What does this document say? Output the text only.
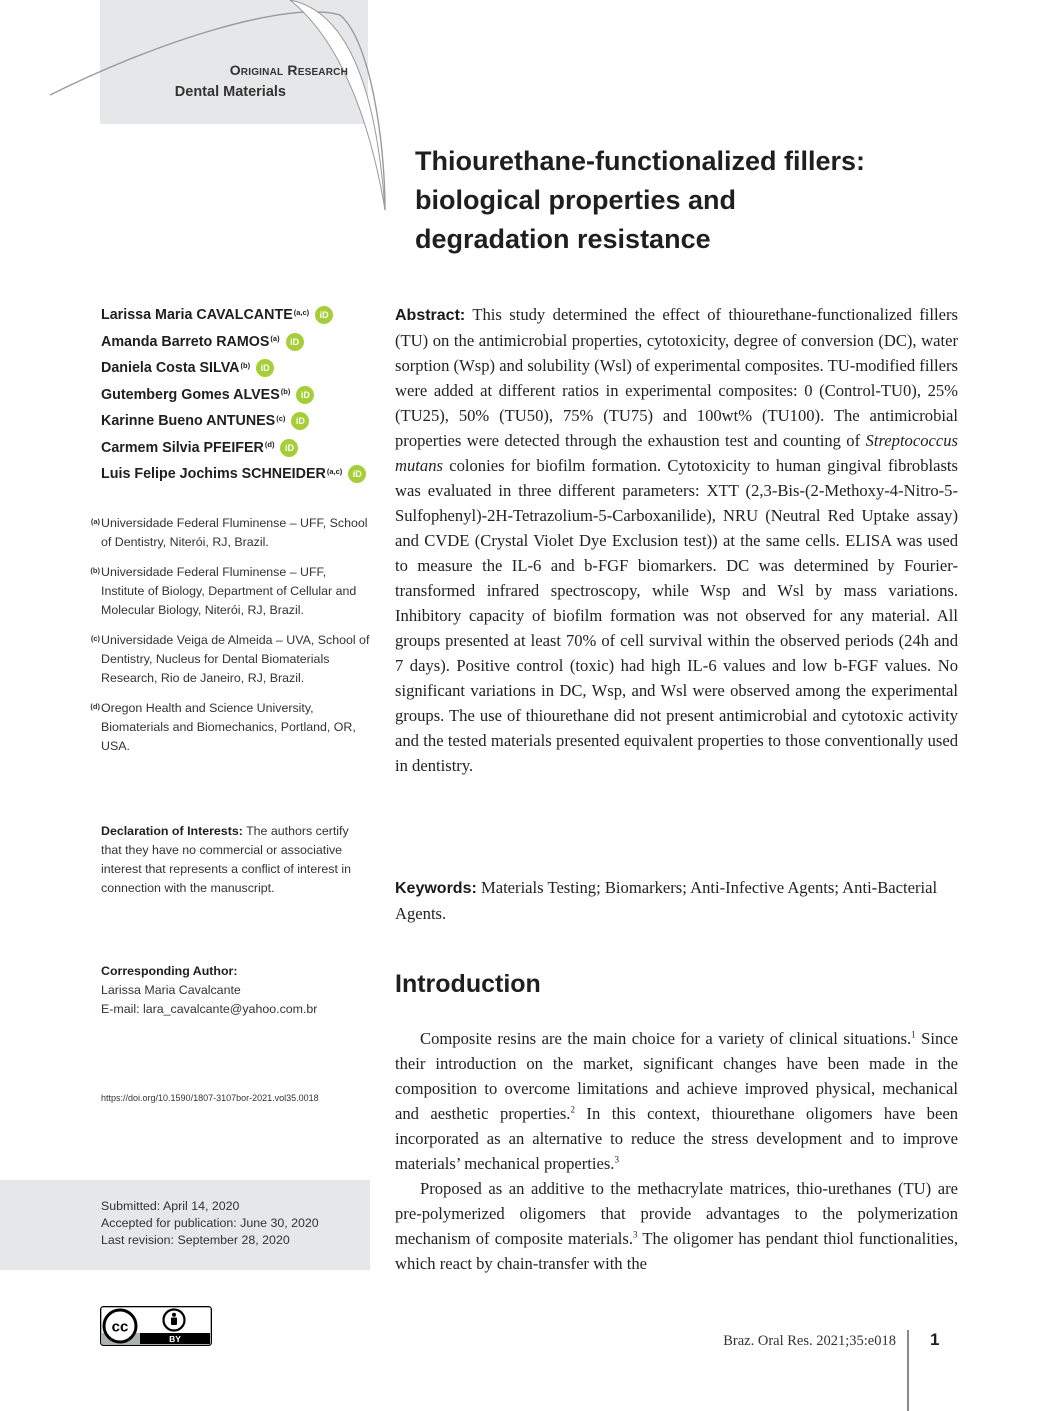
Original Research
Dental Materials
Thiourethane-functionalized fillers: biological properties and degradation resistance
Larissa Maria CAVALCANTE$^{(a,c)}$	iD
Amanda Barreto RAMOS$^{(a)}$	iD
Daniela Costa SILVA$^{(b)}$	iD
Gutemberg Gomes ALVES$^{(b)}$	iD
Karinne Bueno ANTUNES$^{(c)}$	iD
Carmem Silvia PFEIFER$^{(d)}$	iD
Luis Felipe Jochims SCHNEIDER$^{(a,c)}$	iD
(a) Universidade Federal Fluminense – UFF, School of Dentistry, Niterói, RJ, Brazil.
(b) Universidade Federal Fluminense – UFF, Institute of Biology, Department of Cellular and Molecular Biology, Niterói, RJ, Brazil.
(c) Universidade Veiga de Almeida – UVA, School of Dentistry, Nucleus for Dental Biomaterials Research, Rio de Janeiro, RJ, Brazil.
(d) Oregon Health and Science University, Biomaterials and Biomechanics, Portland, OR, USA.
Declaration of Interests: The authors certify that they have no commercial or associative interest that represents a conflict of interest in connection with the manuscript.
Corresponding Author:
Larissa Maria Cavalcante
E-mail: lara_cavalcante@yahoo.com.br
https://doi.org/10.1590/1807-3107bor-2021.vol35.0018
Submitted: April 14, 2020
Accepted for publication: June 30, 2020
Last revision: September 28, 2020
cc
BY
Abstract: This study determined the effect of thiourethane-functionalized fillers (TU) on the antimicrobial properties, cytotoxicity, degree of conversion (DC), water sorption (Wsp) and solubility (Wsl) of experimental composites. TU-modified fillers were added at different ratios in experimental composites: 0 (Control-TU0), 25% (TU25), 50% (TU50), 75% (TU75) and 100wt% (TU100). The antimicrobial properties were detected through the exhaustion test and counting of Streptococcus mutans colonies for biofilm formation. Cytotoxicity to human gingival fibroblasts was evaluated in three different parameters: XTT (2,3-Bis-(2-Methoxy-4-Nitro-5-Sulfophenyl)-2H-Tetrazolium-5-Carboxanilide), NRU (Neutral Red Uptake assay) and CVDE (Crystal Violet Dye Exclusion test)) at the same cells. ELISA was used to measure the IL-6 and b-FGF biomarkers. DC was determined by Fourier-transformed infrared spectroscopy, while Wsp and Wsl by mass variations. Inhibitory capacity of biofilm formation was not observed for any material. All groups presented at least 70% of cell survival within the observed periods (24h and 7 days). Positive control (toxic) had high IL-6 values and low b-FGF values. No significant variations in DC, Wsp, and Wsl were observed among the experimental groups. The use of thiourethane did not present antimicrobial and cytotoxic activity and the tested materials presented equivalent properties to those conventionally used in dentistry.
Keywords: Materials Testing; Biomarkers; Anti-Infective Agents; Anti-Bacterial Agents.
Introduction

Composite resins are the main choice for a variety of clinical situations.$^1$ Since their introduction on the market, significant changes have been made in the composition to overcome limitations and achieve improved physical, mechanical and aesthetic properties.$^2$ In this context, thiourethane oligomers have been incorporated as an alternative to reduce the stress development and to improve materials’ mechanical properties.$^3$

Proposed as an additive to the methacrylate matrices, thio-urethanes (TU) are pre-polymerized oligomers that provide advantages to the polymerization mechanism of composite materials.$^3$ The oligomer has pendant thiol functionalities, which react by chain-transfer with the

Braz. Oral Res. 2021;35:e018 1
